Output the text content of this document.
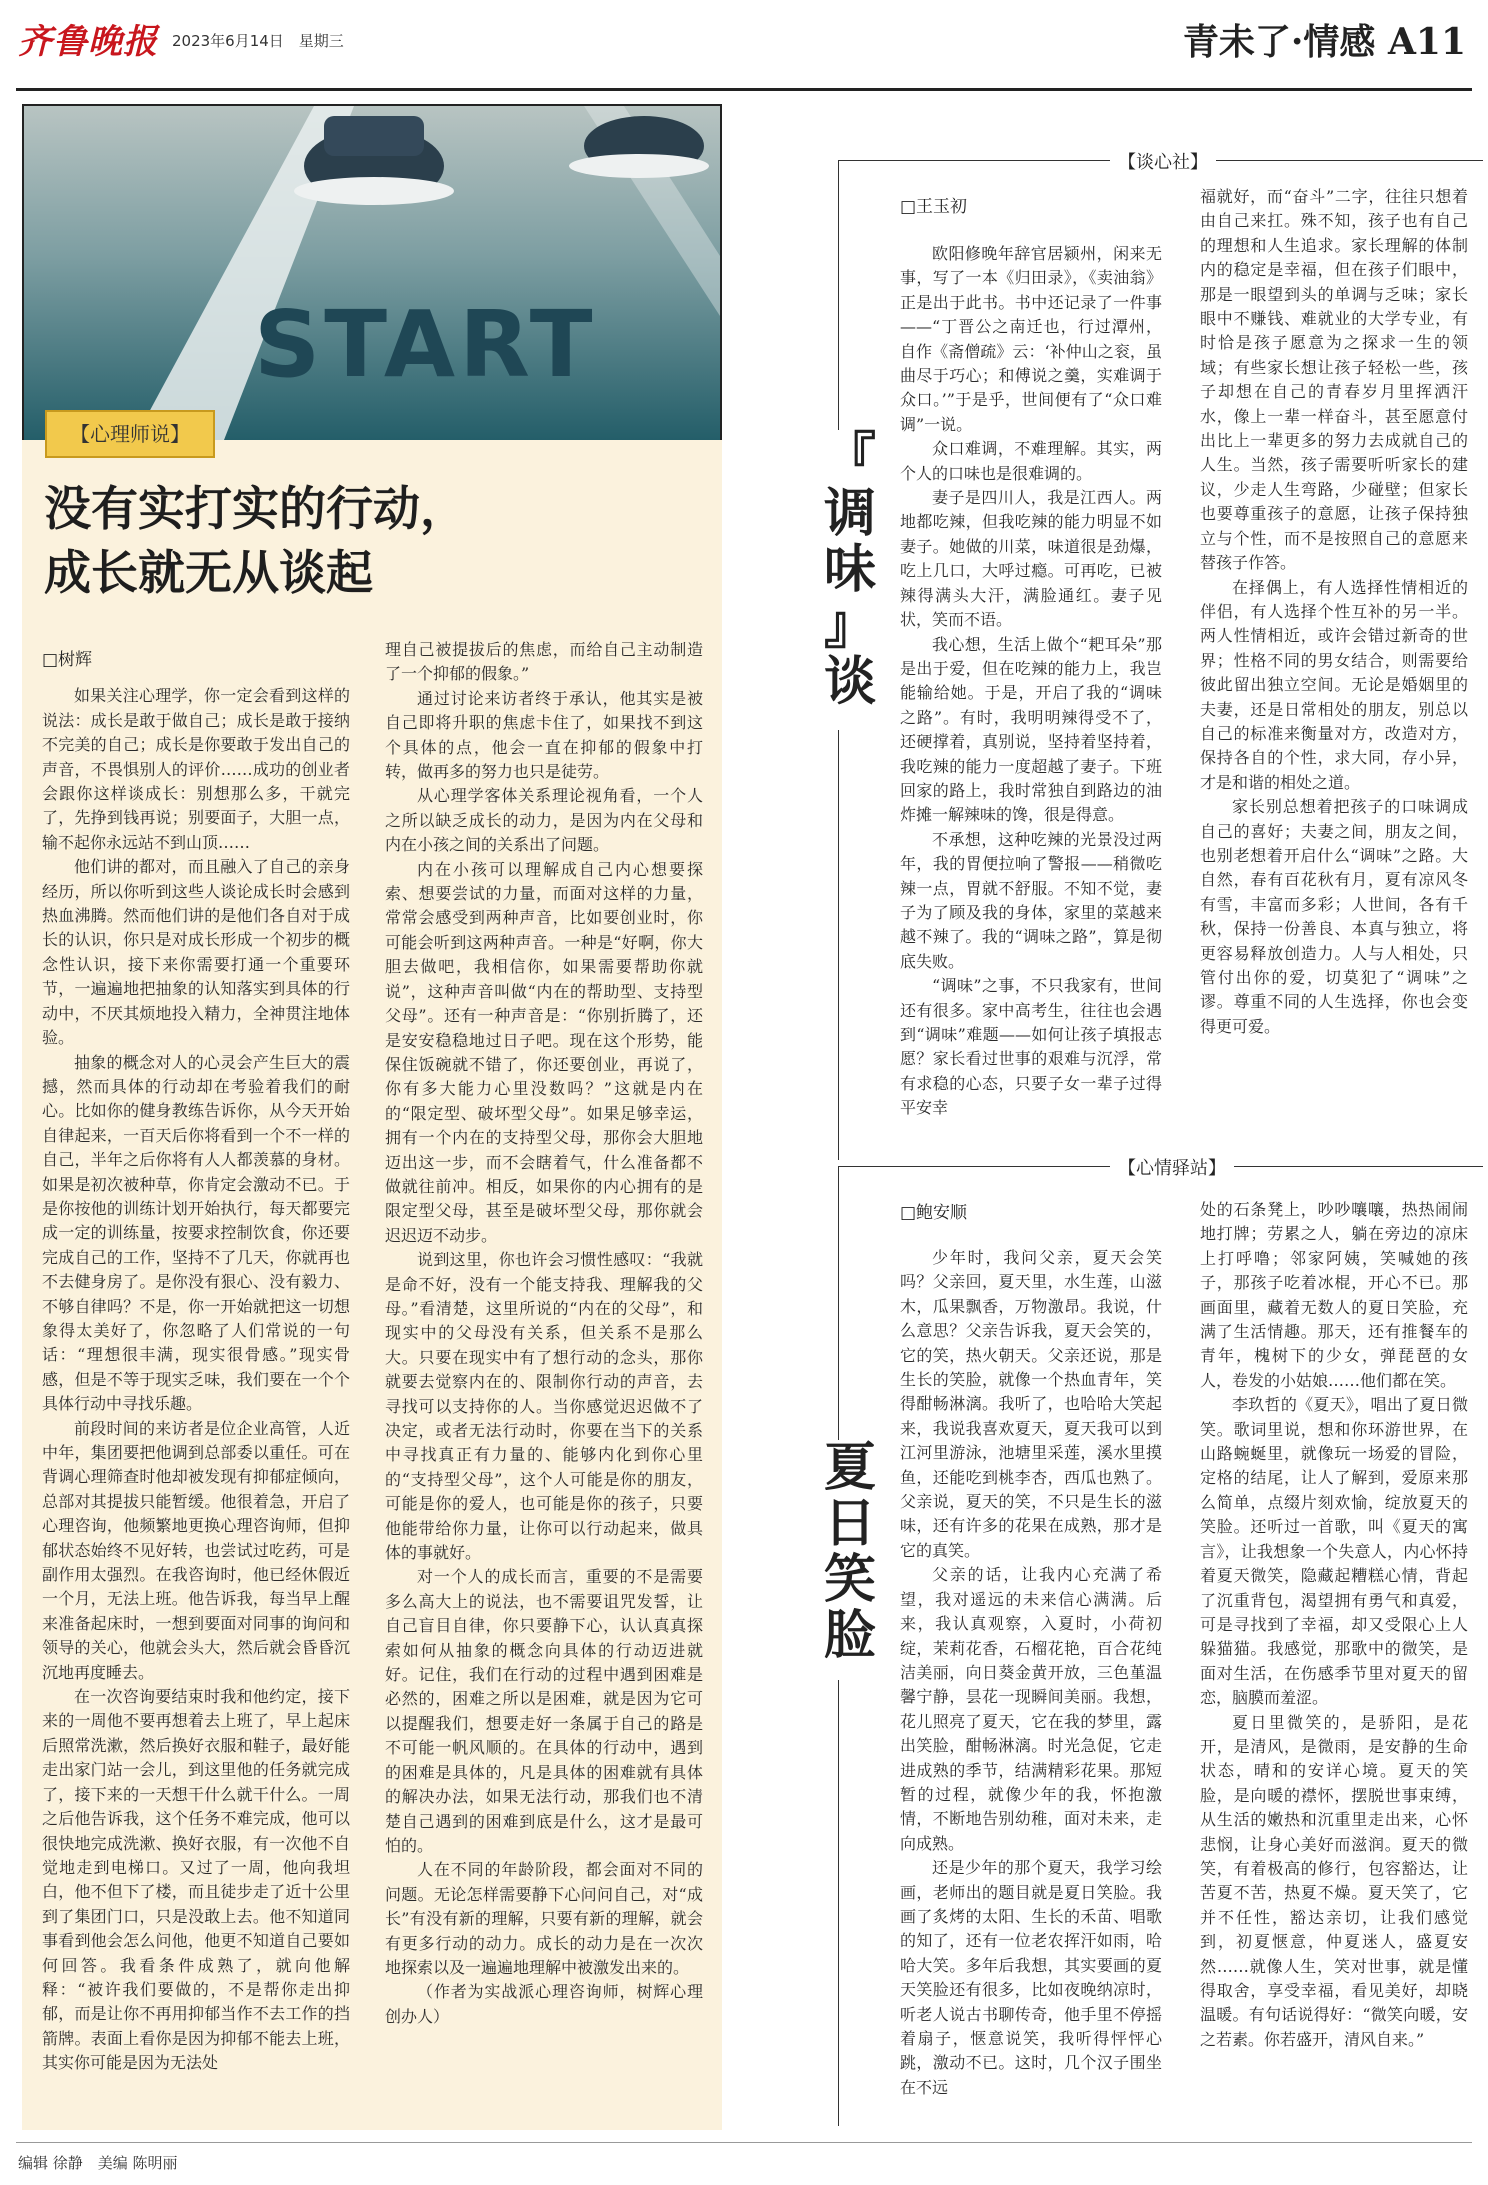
齐鲁晚报 2023年6月14日　星期三	青未了·情感 A11
START
【心理师说】
没有实打实的行动，
成长就无从谈起
□树辉

如果关注心理学，你一定会看到这样的说法：成长是敢于做自己；成长是敢于接纳不完美的自己；成长是你要敢于发出自己的声音，不畏惧别人的评价……成功的创业者会跟你这样谈成长：别想那么多，干就完了，先挣到钱再说；别要面子，大胆一点，输不起你永远站不到山顶……

他们讲的都对，而且融入了自己的亲身经历，所以你听到这些人谈论成长时会感到热血沸腾。然而他们讲的是他们各自对于成长的认识，你只是对成长形成一个初步的概念性认识，接下来你需要打通一个重要环节，一遍遍地把抽象的认知落实到具体的行动中，不厌其烦地投入精力，全神贯注地体验。

抽象的概念对人的心灵会产生巨大的震撼，然而具体的行动却在考验着我们的耐心。比如你的健身教练告诉你，从今天开始自律起来，一百天后你将看到一个不一样的自己，半年之后你将有人人都羡慕的身材。如果是初次被种草，你肯定会激动不已。于是你按他的训练计划开始执行，每天都要完成一定的训练量，按要求控制饮食，你还要完成自己的工作，坚持不了几天，你就再也不去健身房了。是你没有狠心、没有毅力、不够自律吗？不是，你一开始就把这一切想象得太美好了，你忽略了人们常说的一句话：“理想很丰满，现实很骨感。”现实骨感，但是不等于现实乏味，我们要在一个个具体行动中寻找乐趣。

前段时间的来访者是位企业高管，人近中年，集团要把他调到总部委以重任。可在背调心理筛查时他却被发现有抑郁症倾向，总部对其提拔只能暂缓。他很着急，开启了心理咨询，他频繁地更换心理咨询师，但抑郁状态始终不见好转，也尝试过吃药，可是副作用太强烈。在我咨询时，他已经休假近一个月，无法上班。他告诉我，每当早上醒来准备起床时，一想到要面对同事的询问和领导的关心，他就会头大，然后就会昏昏沉沉地再度睡去。

在一次咨询要结束时我和他约定，接下来的一周他不要再想着去上班了，早上起床后照常洗漱，然后换好衣服和鞋子，最好能走出家门站一会儿，到这里他的任务就完成了，接下来的一天想干什么就干什么。一周之后他告诉我，这个任务不难完成，他可以很快地完成洗漱、换好衣服，有一次他不自觉地走到电梯口。又过了一周，他向我坦白，他不但下了楼，而且徒步走了近十公里到了集团门口，只是没敢上去。他不知道同事看到他会怎么问他，他更不知道自己要如何回答。我看条件成熟了，就向他解释：“被许我们要做的，不是帮你走出抑郁，而是让你不再用抑郁当作不去工作的挡箭牌。表面上看你是因为抑郁不能去上班，其实你可能是因为无法处

理自己被提拔后的焦虑，而给自己主动制造了一个抑郁的假象。”

通过讨论来访者终于承认，他其实是被自己即将升职的焦虑卡住了，如果找不到这个具体的点，他会一直在抑郁的假象中打转，做再多的努力也只是徒劳。

从心理学客体关系理论视角看，一个人之所以缺乏成长的动力，是因为内在父母和内在小孩之间的关系出了问题。

内在小孩可以理解成自己内心想要探索、想要尝试的力量，而面对这样的力量，常常会感受到两种声音，比如要创业时，你可能会听到这两种声音。一种是“好啊，你大胆去做吧，我相信你，如果需要帮助你就说”，这种声音叫做“内在的帮助型、支持型父母”。还有一种声音是：“你别折腾了，还是安安稳稳地过日子吧。现在这个形势，能保住饭碗就不错了，你还要创业，再说了，你有多大能力心里没数吗？”这就是内在的“限定型、破坏型父母”。如果足够幸运，拥有一个内在的支持型父母，那你会大胆地迈出这一步，而不会瞎着气，什么准备都不做就往前冲。相反，如果你的内心拥有的是限定型父母，甚至是破坏型父母，那你就会迟迟迈不动步。

说到这里，你也许会习惯性感叹：“我就是命不好，没有一个能支持我、理解我的父母。”看清楚，这里所说的“内在的父母”，和现实中的父母没有关系，但关系不是那么大。只要在现实中有了想行动的念头，那你就要去觉察内在的、限制你行动的声音，去寻找可以支持你的人。当你感觉迟迟做不了决定，或者无法行动时，你要在当下的关系中寻找真正有力量的、能够内化到你心里的“支持型父母”，这个人可能是你的朋友，可能是你的爱人，也可能是你的孩子，只要他能带给你力量，让你可以行动起来，做具体的事就好。

对一个人的成长而言，重要的不是需要多么高大上的说法，也不需要诅咒发誓，让自己盲目自律，你只要静下心，认认真真探索如何从抽象的概念向具体的行动迈进就好。记住，我们在行动的过程中遇到困难是必然的，困难之所以是困难，就是因为它可以提醒我们，想要走好一条属于自己的路是不可能一帆风顺的。在具体的行动中，遇到的困难是具体的，凡是具体的困难就有具体的解决办法，如果无法行动，那我们也不清楚自己遇到的困难到底是什么，这才是最可怕的。

人在不同的年龄阶段，都会面对不同的问题。无论怎样需要静下心问问自己，对“成长”有没有新的理解，只要有新的理解，就会有更多行动的动力。成长的动力是在一次次地探索以及一遍遍地理解中被激发出来的。

（作者为实战派心理咨询师，树辉心理创办人）

【谈心社】
『
调
味
』
谈
□王玉初

欧阳修晚年辞官居颍州，闲来无事，写了一本《归田录》，《卖油翁》正是出于此书。书中还记录了一件事——“丁晋公之南迁也，行过潭州，自作《斋僧疏》云：‘补仲山之衮，虽曲尽于巧心；和傅说之羹，实难调于众口。’”于是乎，世间便有了“众口难调”一说。

众口难调，不难理解。其实，两个人的口味也是很难调的。

妻子是四川人，我是江西人。两地都吃辣，但我吃辣的能力明显不如妻子。她做的川菜，味道很是劲爆，吃上几口，大呼过瘾。可再吃，已被辣得满头大汗，满脸通红。妻子见状，笑而不语。

我心想，生活上做个“耙耳朵”那是出于爱，但在吃辣的能力上，我岂能输给她。于是，开启了我的“调味之路”。有时，我明明辣得受不了，还硬撑着，真别说，坚持着坚持着，我吃辣的能力一度超越了妻子。下班回家的路上，我时常独自到路边的油炸摊一解辣味的馋，很是得意。

不承想，这种吃辣的光景没过两年，我的胃便拉响了警报——稍微吃辣一点，胃就不舒服。不知不觉，妻子为了顾及我的身体，家里的菜越来越不辣了。我的“调味之路”，算是彻底失败。

“调味”之事，不只我家有，世间还有很多。家中高考生，往往也会遇到“调味”难题——如何让孩子填报志愿？家长看过世事的艰难与沉浮，常有求稳的心态，只要子女一辈子过得平安幸

福就好，而“奋斗”二字，往往只想着由自己来扛。殊不知，孩子也有自己的理想和人生追求。家长理解的体制内的稳定是幸福，但在孩子们眼中，那是一眼望到头的单调与乏味；家长眼中不赚钱、难就业的大学专业，有时恰是孩子愿意为之探求一生的领域；有些家长想让孩子轻松一些，孩子却想在自己的青春岁月里挥洒汗水，像上一辈一样奋斗，甚至愿意付出比上一辈更多的努力去成就自己的人生。当然，孩子需要听听家长的建议，少走人生弯路，少碰壁；但家长也要尊重孩子的意愿，让孩子保持独立与个性，而不是按照自己的意愿来替孩子作答。

在择偶上，有人选择性情相近的伴侣，有人选择个性互补的另一半。两人性情相近，或许会错过新奇的世界；性格不同的男女结合，则需要给彼此留出独立空间。无论是婚姻里的夫妻，还是日常相处的朋友，别总以自己的标准来衡量对方，改造对方，保持各自的个性，求大同，存小异，才是和谐的相处之道。

家长别总想着把孩子的口味调成自己的喜好；夫妻之间，朋友之间，也别老想着开启什么“调味”之路。大自然，春有百花秋有月，夏有凉风冬有雪，丰富而多彩；人世间，各有千秋，保持一份善良、本真与独立，将更容易释放创造力。人与人相处，只管付出你的爱，切莫犯了“调味”之谬。尊重不同的人生选择，你也会变得更可爱。

【心情驿站】
夏
日
笑
脸
□鲍安顺

少年时，我问父亲，夏天会笑吗？父亲回，夏天里，水生莲，山滋木，瓜果飘香，万物激昂。我说，什么意思？父亲告诉我，夏天会笑的，它的笑，热火朝天。父亲还说，那是生长的笑脸，就像一个热血青年，笑得酣畅淋漓。我听了，也哈哈大笑起来，我说我喜欢夏天，夏天我可以到江河里游泳，池塘里采莲，溪水里摸鱼，还能吃到桃李杏，西瓜也熟了。父亲说，夏天的笑，不只是生长的滋味，还有许多的花果在成熟，那才是它的真笑。

父亲的话，让我内心充满了希望，我对遥远的未来信心满满。后来，我认真观察，入夏时，小荷初绽，茉莉花香，石榴花艳，百合花纯洁美丽，向日葵金黄开放，三色堇温馨宁静，昙花一现瞬间美丽。我想，花儿照亮了夏天，它在我的梦里，露出笑脸，酣畅淋漓。时光急促，它走进成熟的季节，结满精彩花果。那短暂的过程，就像少年的我，怀抱激情，不断地告别幼稚，面对未来，走向成熟。

还是少年的那个夏天，我学习绘画，老师出的题目就是夏日笑脸。我画了炙烤的太阳、生长的禾苗、唱歌的知了，还有一位老农挥汗如雨，哈哈大笑。多年后我想，其实要画的夏天笑脸还有很多，比如夜晚纳凉时，听老人说古书聊传奇，他手里不停摇着扇子，惬意说笑，我听得怦怦心跳，激动不已。这时，几个汉子围坐在不远

处的石条凳上，吵吵嚷嚷，热热闹闹地打牌；劳累之人，躺在旁边的凉床上打呼噜；邻家阿姨，笑喊她的孩子，那孩子吃着冰棍，开心不已。那画面里，藏着无数人的夏日笑脸，充满了生活情趣。那天，还有推餐车的青年，槐树下的少女，弹琵琶的女人，卷发的小姑娘……他们都在笑。

李玖哲的《夏天》，唱出了夏日微笑。歌词里说，想和你环游世界，在山路蜿蜒里，就像玩一场爱的冒险，定格的结尾，让人了解到，爱原来那么简单，点缀片刻欢愉，绽放夏天的笑脸。还听过一首歌，叫《夏天的寓言》，让我想象一个失意人，内心怀持着夏天微笑，隐藏起糟糕心情，背起了沉重背包，渴望拥有勇气和真爱，可是寻找到了幸福，却又受限心上人躲猫猫。我感觉，那歌中的微笑，是面对生活，在伤感季节里对夏天的留恋，脑膜而羞涩。

夏日里微笑的，是骄阳，是花开，是清风，是微雨，是安静的生命状态，晴和的安详心境。夏天的笑脸，是向暖的襟怀，摆脱世事束缚，从生活的嫩热和沉重里走出来，心怀悲悯，让身心美好而滋润。夏天的微笑，有着极高的修行，包容豁达，让苦夏不苦，热夏不燥。夏天笑了，它并不任性，豁达亲切，让我们感觉到，初夏惬意，仲夏迷人，盛夏安然……就像人生，笑对世事，就是懂得取舍，享受幸福，看见美好，却晓温暖。有句话说得好：“微笑向暖，安之若素。你若盛开，清风自来。”

编辑 徐静　美编 陈明丽
